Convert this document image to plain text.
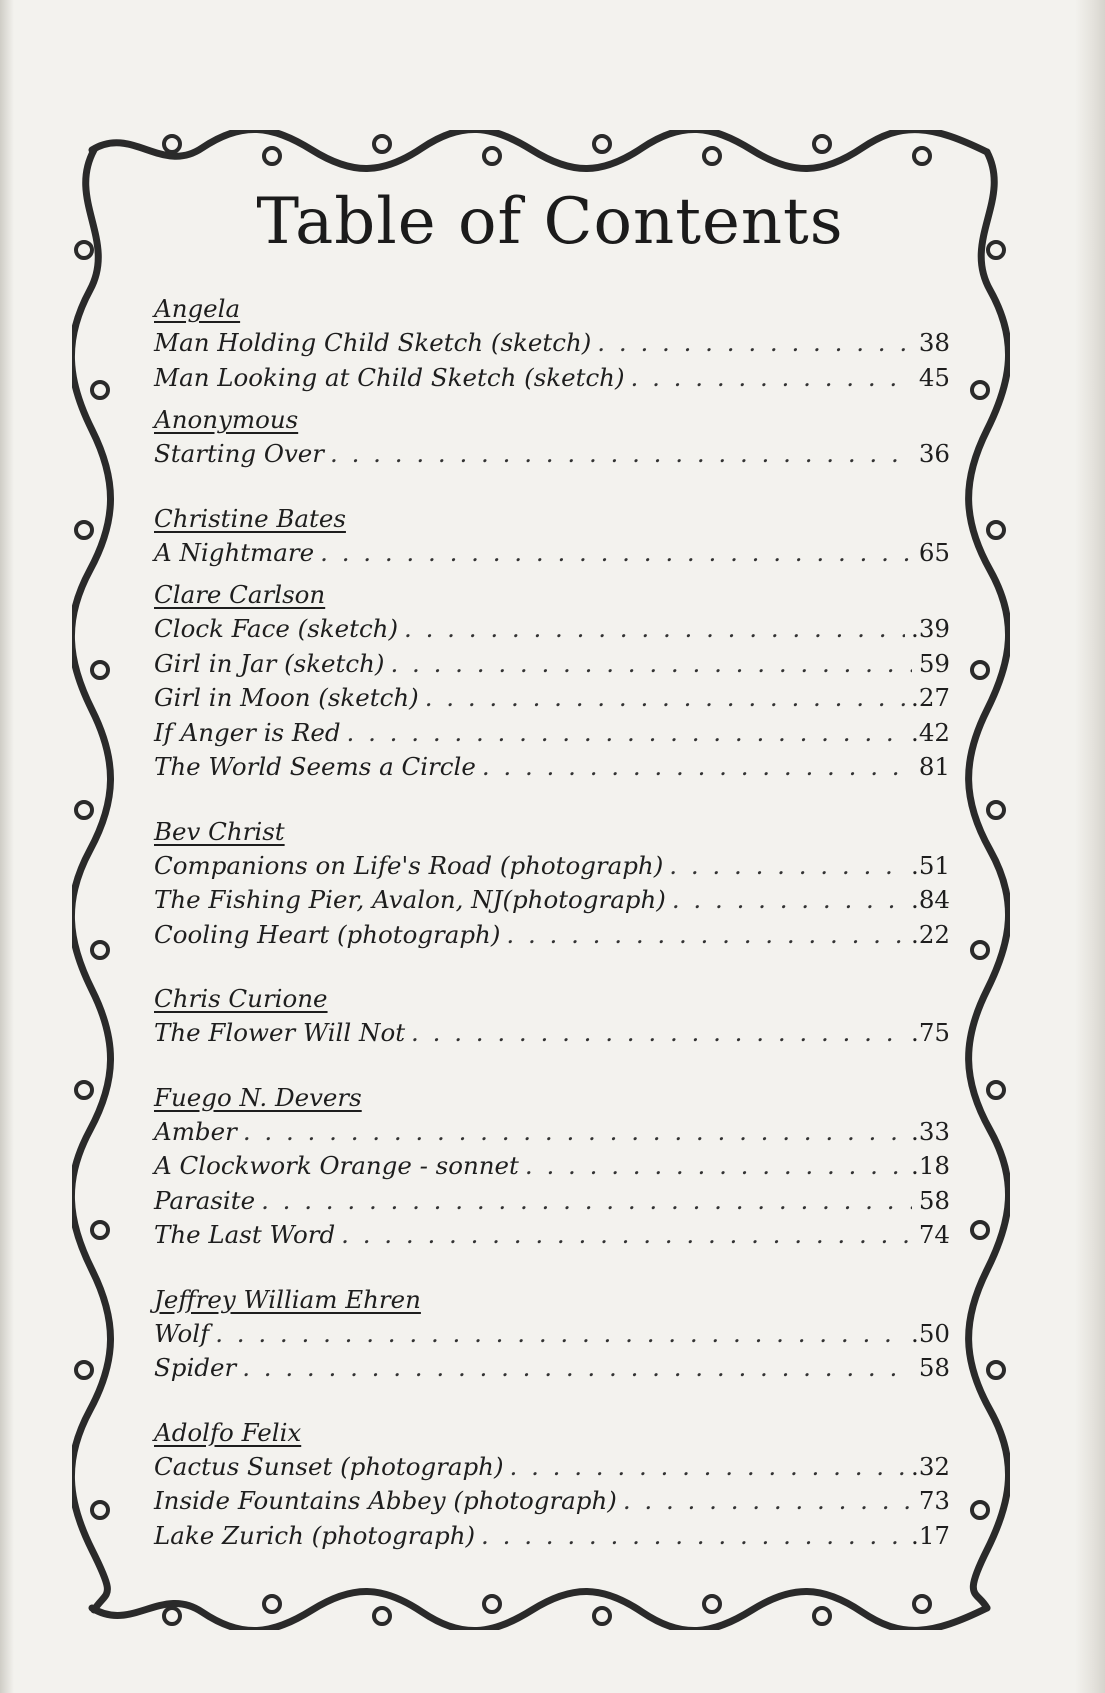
Table of Contents
Angela
Man Holding Child Sketch (sketch) . . .	38
Man Looking at Child Sketch (sketch) . . .	45
Anonymous
Starting Over . . .	36
Christine Bates
A Nightmare . . .	65
Clare Carlson
Clock Face (sketch) . . .	.39
Girl in Jar (sketch) . . .	59
Girl in Moon (sketch) . . .	.27
If Anger is Red . . .	.42
The World Seems a Circle . . .	81
Bev Christ
Companions on Life's Road (photograph) . . .	.51
The Fishing Pier, Avalon, NJ(photograph) . . .	.84
Cooling Heart (photograph) . . .	.22
Chris Curione
The Flower Will Not . . .	.75
Fuego N. Devers
Amber . . .	.33
A Clockwork Orange - sonnet . . .	.18
Parasite . . .	58
The Last Word . . .	74
Jeffrey William Ehren
Wolf . . .	.50
Spider . . .	58
Adolfo Felix
Cactus Sunset (photograph) . . .	.32
Inside Fountains Abbey (photograph) . . .	73
Lake Zurich (photograph) . . .	.17
